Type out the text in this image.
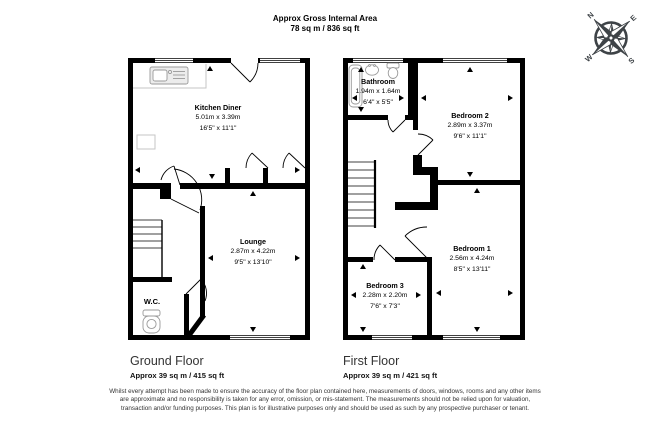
Approx Gross Internal Area
78 sq m / 836 sq ft
N	E
S
W
Kitchen Diner
5.01m x 3.39m
16'5" x 11'1"
Lounge
2.87m x 4.22m
9'5" x 13'10"
W.C.
Bathroom
1.94m x 1.64m
6'4" x 5'5"
Bedroom 2
2.89m x 3.37m
9'6" x 11'1"
Bedroom 1
2.56m x 4.24m
8'5" x 13'11"
Bedroom 3
2.28m x 2.20m
7'6" x 7'3"
Ground Floor
Approx 39 sq m / 415 sq ft
First Floor
Approx 39 sq m / 421 sq ft
Whilst every attempt has been made to ensure the accuracy of the floor plan contained here, measurements of doors, windows, rooms and any other items are approximate and no responsibility is taken for any error, omission, or mis-statement. The measurements should not be relied upon for valuation, transaction and/or funding purposes. This plan is for illustrative purposes only and should be used as such by any prospective purchaser or tenant.
